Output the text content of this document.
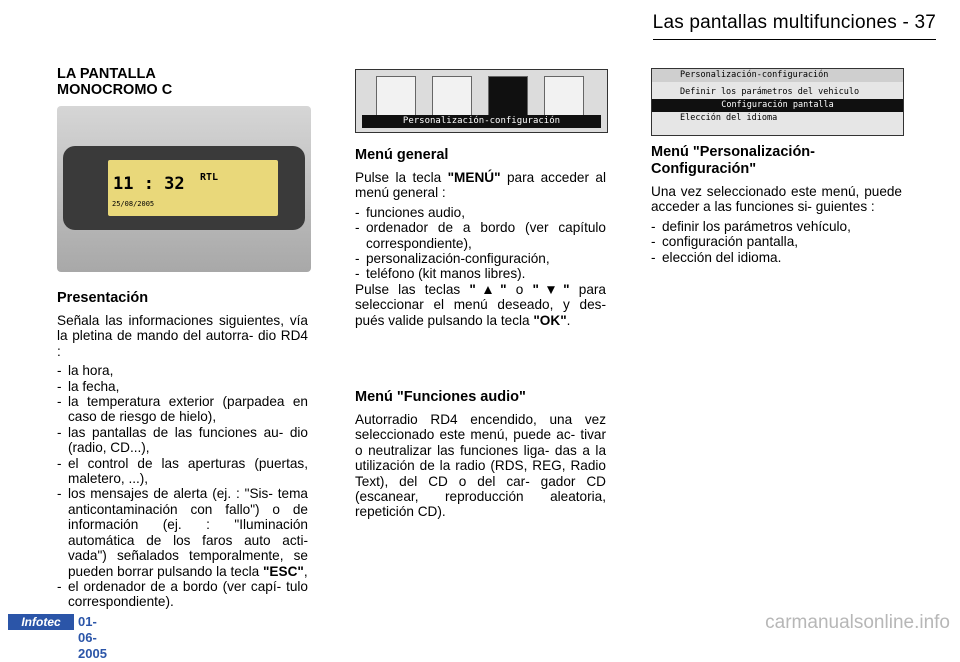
Las pantallas multifunciones - 37
LA PANTALLA
MONOCROMO C
11 : 32
25/08/2005
RTL
Presentación

Señala las informaciones siguientes, vía la pletina de mando del autorra- dio RD4 :

- la hora,
- la fecha,
- la temperatura exterior (parpadea en caso de riesgo de hielo),
- las pantallas de las funciones au- dio (radio, CD...),
- el control de las aperturas (puertas, maletero, ...),
- los mensajes de alerta (ej. : "Sis- tema anticontaminación con fallo") o de información (ej. : "Iluminación automática de los faros auto acti- vada") señalados temporalmente, se pueden borrar pulsando la tecla "ESC",
- el ordenador de a bordo (ver capí- tulo correspondiente).
Personalización-configuración
Menú general

Pulse la tecla "MENÚ" para acceder al menú general :

- funciones audio,
- ordenador de a bordo (ver capítulo correspondiente),
- personalización-configuración,
- teléfono (kit manos libres).

Pulse las teclas "▲" o "▼" para seleccionar el menú deseado, y des- pués valide pulsando la tecla "OK".

Menú "Funciones audio"

Autorradio RD4 encendido, una vez seleccionado este menú, puede ac- tivar o neutralizar las funciones liga- das a la utilización de la radio (RDS, REG, Radio Text), del CD o del car- gador CD (escanear, reproducción aleatoria, repetición CD).

Personalización-configuración
Definir los parámetros del vehiculo
Configuración pantalla
Elección del idioma
Menú "Personalización- Configuración"

Una vez seleccionado este menú, puede acceder a las funciones si- guientes :

- definir los parámetros vehículo,
- configuración pantalla,
- elección del idioma.
Infotec	01-06-2005
carmanualsonline.info
